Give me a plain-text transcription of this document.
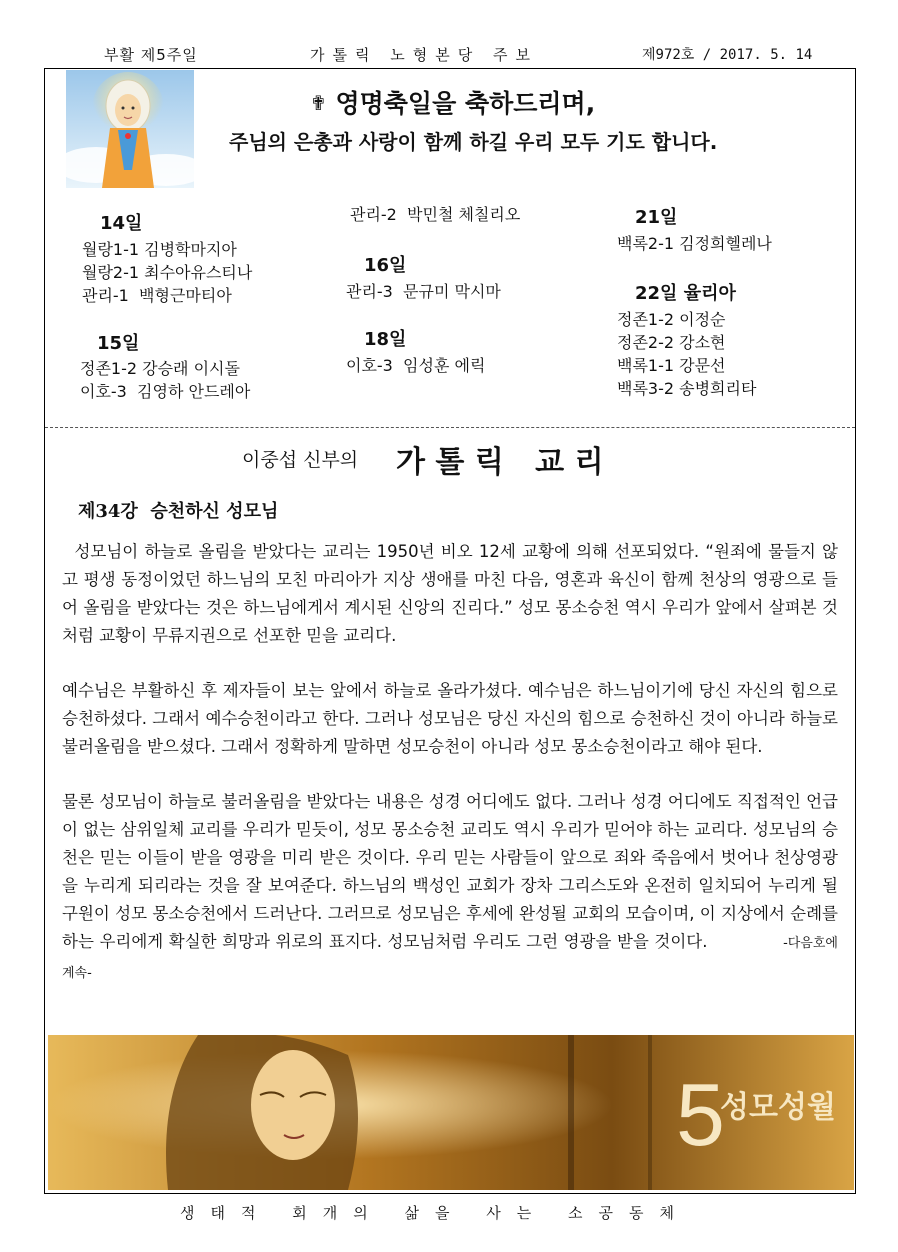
부활 제5주일	가톨릭 노형본당 주보	제972호 / 2017. 5. 14
✟ 영명축일을 축하드리며,
주님의 은총과 사랑이 함께 하길 우리 모두 기도 합니다.
14일
월랑1-1 김병학마지아
월랑2-1 최수아유스티나
관리-1  백형근마티아
15일
정존1-2 강승래 이시돌
이호-3  김영하 안드레아
관리-2  박민철 체칠리오
16일
관리-3  문규미 막시마
18일
이호-3  임성훈 에릭
21일
백록2-1 김정희헬레나
22일 율리아
정존1-2 이정순
정존2-2 강소현
백록1-1 강문선
백록3-2 송병희리타
이중섭 신부의 가 톨 릭   교 리
제34강  승천하신 성모님

성모님이 하늘로 올림을 받았다는 교리는 1950년 비오 12세 교황에 의해 선포되었다. “원죄에 물들지 않고 평생 동정이었던 하느님의 모친 마리아가 지상 생애를 마친 다음, 영혼과 육신이 함께 천상의 영광으로 들어 올림을 받았다는 것은 하느님에게서 계시된 신앙의 진리다.” 성모 몽소승천 역시 우리가 앞에서 살펴본 것처럼 교황이 무류지권으로 선포한 믿을 교리다.

예수님은 부활하신 후 제자들이 보는 앞에서 하늘로 올라가셨다. 예수님은 하느님이기에 당신 자신의 힘으로 승천하셨다. 그래서 예수승천이라고 한다. 그러나 성모님은 당신 자신의 힘으로 승천하신 것이 아니라 하늘로 불러올림을 받으셨다. 그래서 정확하게 말하면 성모승천이 아니라 성모 몽소승천이라고 해야 된다.

물론 성모님이 하늘로 불러올림을 받았다는 내용은 성경 어디에도 없다. 그러나 성경 어디에도 직접적인 언급이 없는 삼위일체 교리를 우리가 믿듯이, 성모 몽소승천 교리도 역시 우리가 믿어야 하는 교리다. 성모님의 승천은 믿는 이들이 받을 영광을 미리 받은 것이다. 우리 믿는 사람들이 앞으로 죄와 죽음에서 벗어나 천상영광을 누리게 되리라는 것을 잘 보여준다. 하느님의 백성인 교회가 장차 그리스도와 온전히 일치되어 누리게 될 구원이 성모 몽소승천에서 드러난다. 그러므로 성모님은 후세에 완성될 교회의 모습이며, 이 지상에서 순례를 하는 우리에게 확실한 희망과 위로의 표지다. 성모님처럼 우리도 그런 영광을 받을 것이다.	-다음호에 계속-

5
성모성월
생태적 회개의 삶을 사는 소공동체
